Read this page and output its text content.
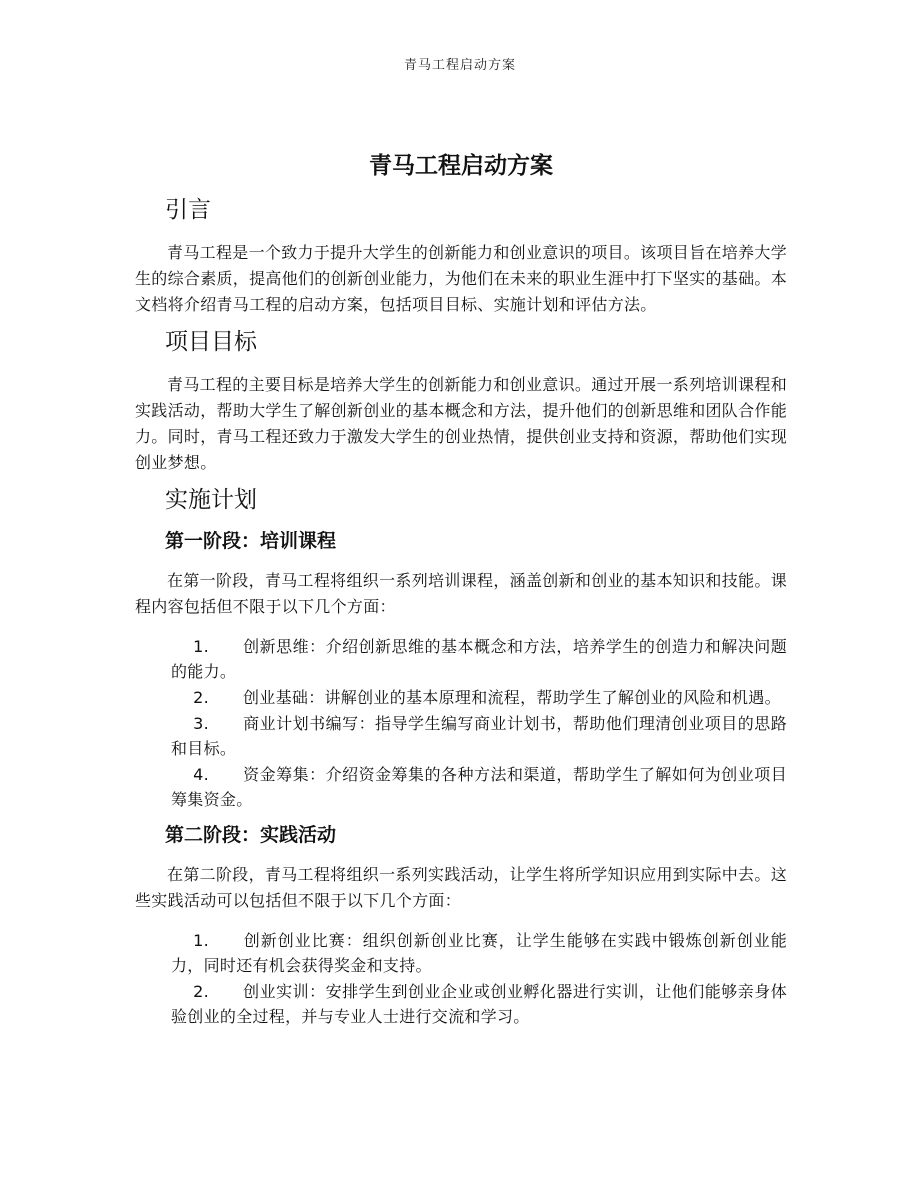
青马工程启动方案
青马工程启动方案
引言

青马工程是一个致力于提升大学生的创新能力和创业意识的项目。该项目旨在培养大学生的综合素质，提高他们的创新创业能力，为他们在未来的职业生涯中打下坚实的基础。本文档将介绍青马工程的启动方案，包括项目目标、实施计划和评估方法。

项目目标

青马工程的主要目标是培养大学生的创新能力和创业意识。通过开展一系列培训课程和实践活动，帮助大学生了解创新创业的基本概念和方法，提升他们的创新思维和团队合作能力。同时，青马工程还致力于激发大学生的创业热情，提供创业支持和资源，帮助他们实现创业梦想。

实施计划
第一阶段：培训课程

在第一阶段，青马工程将组织一系列培训课程，涵盖创新和创业的基本知识和技能。课程内容包括但不限于以下几个方面：

1. 创新思维：介绍创新思维的基本概念和方法，培养学生的创造力和解决问题的能力。
2. 创业基础：讲解创业的基本原理和流程，帮助学生了解创业的风险和机遇。
3. 商业计划书编写：指导学生编写商业计划书，帮助他们理清创业项目的思路和目标。
4. 资金筹集：介绍资金筹集的各种方法和渠道，帮助学生了解如何为创业项目筹集资金。
第二阶段：实践活动

在第二阶段，青马工程将组织一系列实践活动，让学生将所学知识应用到实际中去。这些实践活动可以包括但不限于以下几个方面：

1. 创新创业比赛：组织创新创业比赛，让学生能够在实践中锻炼创新创业能力，同时还有机会获得奖金和支持。
2. 创业实训：安排学生到创业企业或创业孵化器进行实训，让他们能够亲身体验创业的全过程，并与专业人士进行交流和学习。
